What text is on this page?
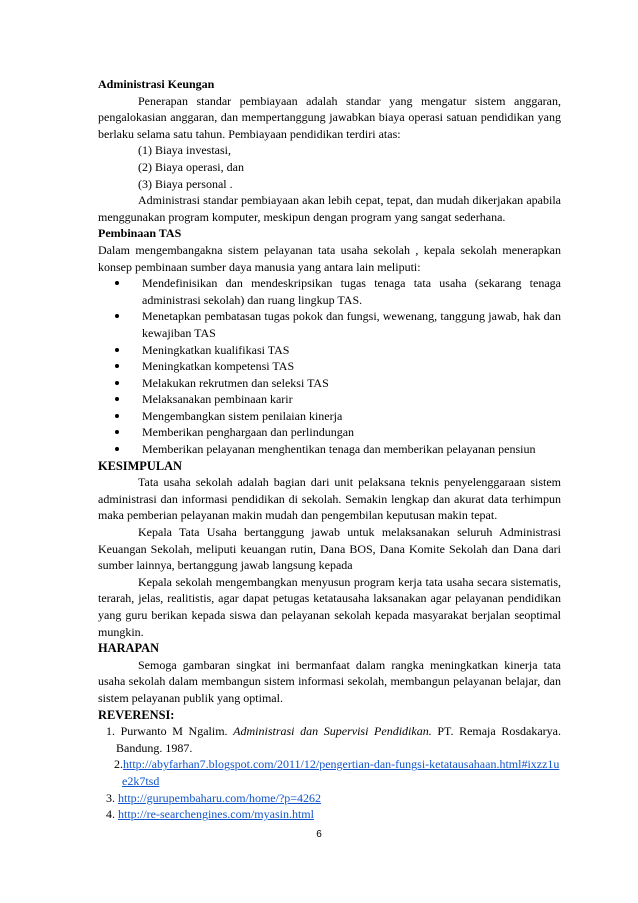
Administrasi Keungan

Penerapan standar pembiayaan adalah standar yang mengatur sistem anggaran, pengalokasian anggaran, dan mempertanggung jawabkan biaya operasi satuan pendidikan yang berlaku selama satu tahun. Pembiayaan pendidikan terdiri atas:

(1) Biaya investasi,

(2) Biaya operasi, dan

(3) Biaya personal .

Administrasi standar pembiayaan akan lebih cepat, tepat, dan mudah dikerjakan apabila menggunakan program komputer, meskipun dengan program yang sangat sederhana.

Pembinaan TAS

Dalam mengembangakna sistem pelayanan tata usaha sekolah , kepala sekolah menerapkan konsep pembinaan sumber daya manusia yang antara lain meliputi:

Mendefinisikan dan mendeskripsikan tugas tenaga tata usaha (sekarang tenaga administrasi sekolah) dan ruang lingkup TAS.
Menetapkan pembatasan tugas pokok dan fungsi, wewenang, tanggung jawab, hak dan kewajiban TAS
Meningkatkan kualifikasi TAS
Meningkatkan kompetensi TAS
Melakukan rekrutmen dan seleksi TAS
Melaksanakan pembinaan karir
Mengembangkan sistem penilaian kinerja
Memberikan penghargaan dan perlindungan
Memberikan pelayanan menghentikan tenaga dan memberikan pelayanan pensiun

KESIMPULAN

Tata usaha sekolah adalah bagian dari unit pelaksana teknis penyelenggaraan sistem administrasi dan informasi pendidikan di sekolah. Semakin lengkap dan akurat data terhimpun maka pemberian pelayanan makin mudah dan pengembilan keputusan makin tepat.

Kepala Tata Usaha bertanggung jawab untuk melaksanakan seluruh Administrasi Keuangan Sekolah, meliputi keuangan rutin, Dana BOS, Dana Komite Sekolah dan Dana dari sumber lainnya, bertanggung jawab langsung kepada

Kepala sekolah mengembangkan menyusun program kerja tata usaha secara sistematis, terarah, jelas, realitistis, agar dapat petugas ketatausaha laksanakan agar pelayanan pendidikan yang guru berikan kepada siswa dan pelayanan sekolah kepada masyarakat berjalan seoptimal mungkin.

HARAPAN

Semoga gambaran singkat ini bermanfaat dalam rangka meningkatkan kinerja tata usaha sekolah dalam membangun sistem informasi sekolah, membangun pelayanan belajar, dan sistem pelayanan publik yang optimal.

REVERENSI:

1. Purwanto M Ngalim. Administrasi dan Supervisi Pendidikan. PT. Remaja Rosdakarya. Bandung. 1987.

2.http://abyfarhan7.blogspot.com/2011/12/pengertian-dan-fungsi-ketatausahaan.html#ixzz1ue2k7tsd

3. http://gurupembaharu.com/home/?p=4262

4. http://re-searchengines.com/myasin.html

6
